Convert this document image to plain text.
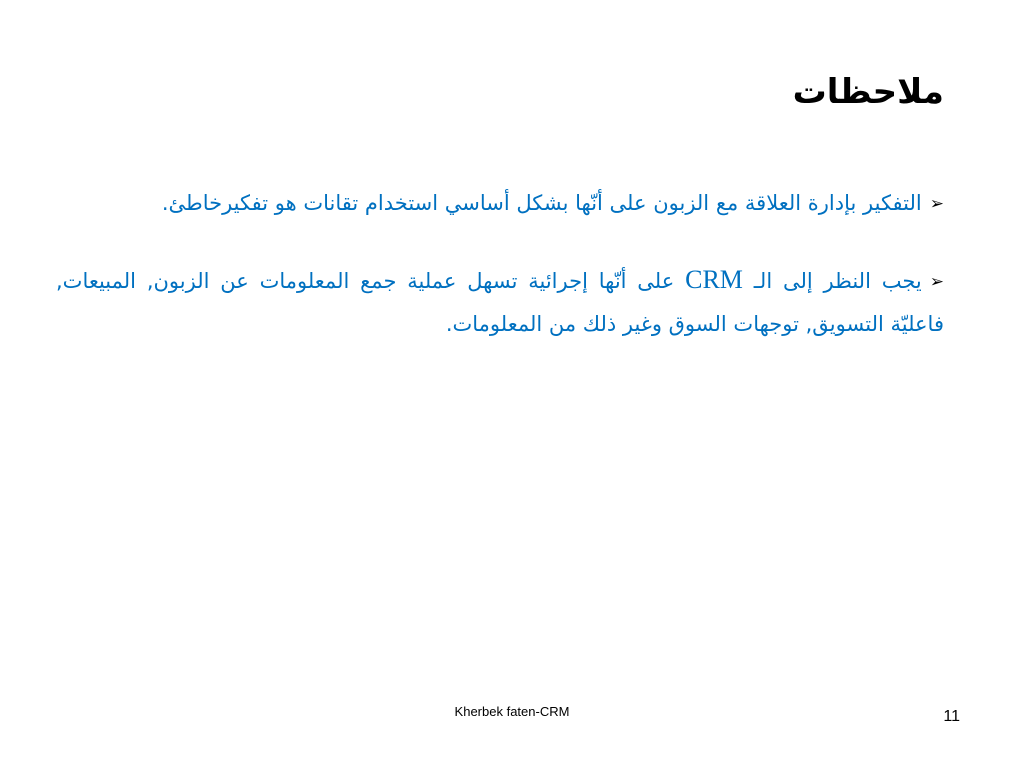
ملاحظات

➢التفكير بإدارة العلاقة مع الزبون على أنّها بشكل أساسي استخدام تقانات هو تفكيرخاطئ.

➢يجب النظر إلى الـ CRM على أنّها إجرائية تسهل عملية جمع المعلومات عن الزبون, المبيعات, فاعليّة التسويق, توجهات السوق وغير ذلك من المعلومات.

Kherbek faten-CRM	11
